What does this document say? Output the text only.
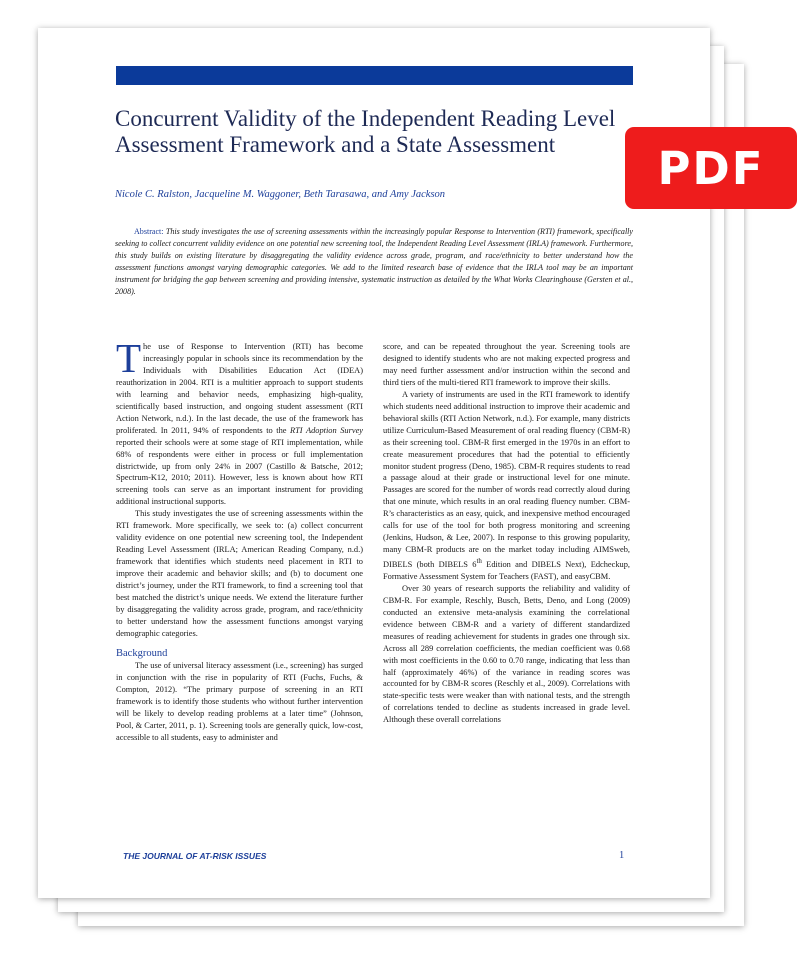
Concurrent Validity of the Independent Reading Level Assessment Framework and a State Assessment
Nicole C. Ralston, Jacqueline M. Waggoner, Beth Tarasawa, and Amy Jackson

Abstract: This study investigates the use of screening assessments within the increasingly popular Response to Intervention (RTI) framework, specifically seeking to collect concurrent validity evidence on one potential new screening tool, the Independent Reading Level Assessment (IRLA) framework. Furthermore, this study builds on existing literature by disaggregating the validity evidence across grade, program, and race/ethnicity to better understand how the assessment functions amongst varying demographic categories. We add to the limited research base of evidence that the IRLA tool may be an important instrument for bridging the gap between screening and providing intensive, systematic instruction as detailed by the What Works Clearinghouse (Gersten et al., 2008).

The use of Response to Intervention (RTI) has become increasingly popular in schools since its recommendation by the Individuals with Disabilities Education Act (IDEA) reauthorization in 2004. RTI is a multitier approach to support students with learning and behavior needs, emphasizing high-quality, scientifically based instruction, and ongoing student assessment (RTI Action Network, n.d.). In the last decade, the use of the framework has proliferated. In 2011, 94% of respondents to the RTI Adoption Survey reported their schools were at some stage of RTI implementation, while 68% of respondents were either in process or full implementation districtwide, up from only 24% in 2007 (Castillo & Batsche, 2012; Spectrum-K12, 2010; 2011). However, less is known about how RTI screening tools can serve as an important instrument for providing additional instructional supports.

This study investigates the use of screening assessments within the RTI framework. More specifically, we seek to: (a) collect concurrent validity evidence on one potential new screening tool, the Independent Reading Level Assessment (IRLA; American Reading Company, n.d.) framework that identifies which students need placement in RTI to improve their academic and behavior skills; and (b) to document one district’s journey, under the RTI framework, to find a screening tool that best matched the district’s unique needs. We extend the literature further by disaggregating the validity across grade, program, and race/ethnicity to better understand how the assessment functions amongst varying demographic categories.

Background

The use of universal literacy assessment (i.e., screening) has surged in conjunction with the rise in popularity of RTI (Fuchs, Fuchs, & Compton, 2012). “The primary purpose of screening in an RTI framework is to identify those students who without further intervention will be likely to develop reading problems at a later time” (Johnson, Pool, & Carter, 2011, p. 1). Screening tools are generally quick, low-cost, accessible to all students, easy to administer and

score, and can be repeated throughout the year. Screening tools are designed to identify students who are not making expected progress and may need further assessment and/or instruction within the second and third tiers of the multi-tiered RTI framework to improve their skills.

A variety of instruments are used in the RTI framework to identify which students need additional instruction to improve their academic and behavioral skills (RTI Action Network, n.d.). For example, many districts utilize Curriculum-Based Measurement of oral reading fluency (CBM-R) as their screening tool. CBM-R first emerged in the 1970s in an effort to create measurement procedures that had the potential to efficiently monitor student progress (Deno, 1985). CBM-R requires students to read a passage aloud at their grade or instructional level for one minute. Passages are scored for the number of words read correctly aloud during that one minute, which results in an oral reading fluency number. CBM-R’s characteristics as an easy, quick, and inexpensive method encouraged calls for use of the tool for both progress monitoring and screening (Jenkins, Hudson, & Lee, 2007). In response to this growing popularity, many CBM-R products are on the market today including AIMSweb, DIBELS (both DIBELS 6th Edition and DIBELS Next), Edcheckup, Formative Assessment System for Teachers (FAST), and easyCBM.

Over 30 years of research supports the reliability and validity of CBM-R. For example, Reschly, Busch, Betts, Deno, and Long (2009) conducted an extensive meta-analysis examining the correlational evidence between CBM-R and a variety of different standardized measures of reading achievement for students in grades one through six. Across all 289 correlation coefficients, the median coefficient was 0.68 with most coefficients in the 0.60 to 0.70 range, indicating that less than half (approximately 46%) of the variance in reading scores was accounted for by CBM-R scores (Reschly et al., 2009). Correlations with state-specific tests were weaker than with national tests, and the strength of correlations tended to decline as students increased in grade level. Although these overall correlations

THE JOURNAL OF AT-RISK ISSUES	1
PDF
